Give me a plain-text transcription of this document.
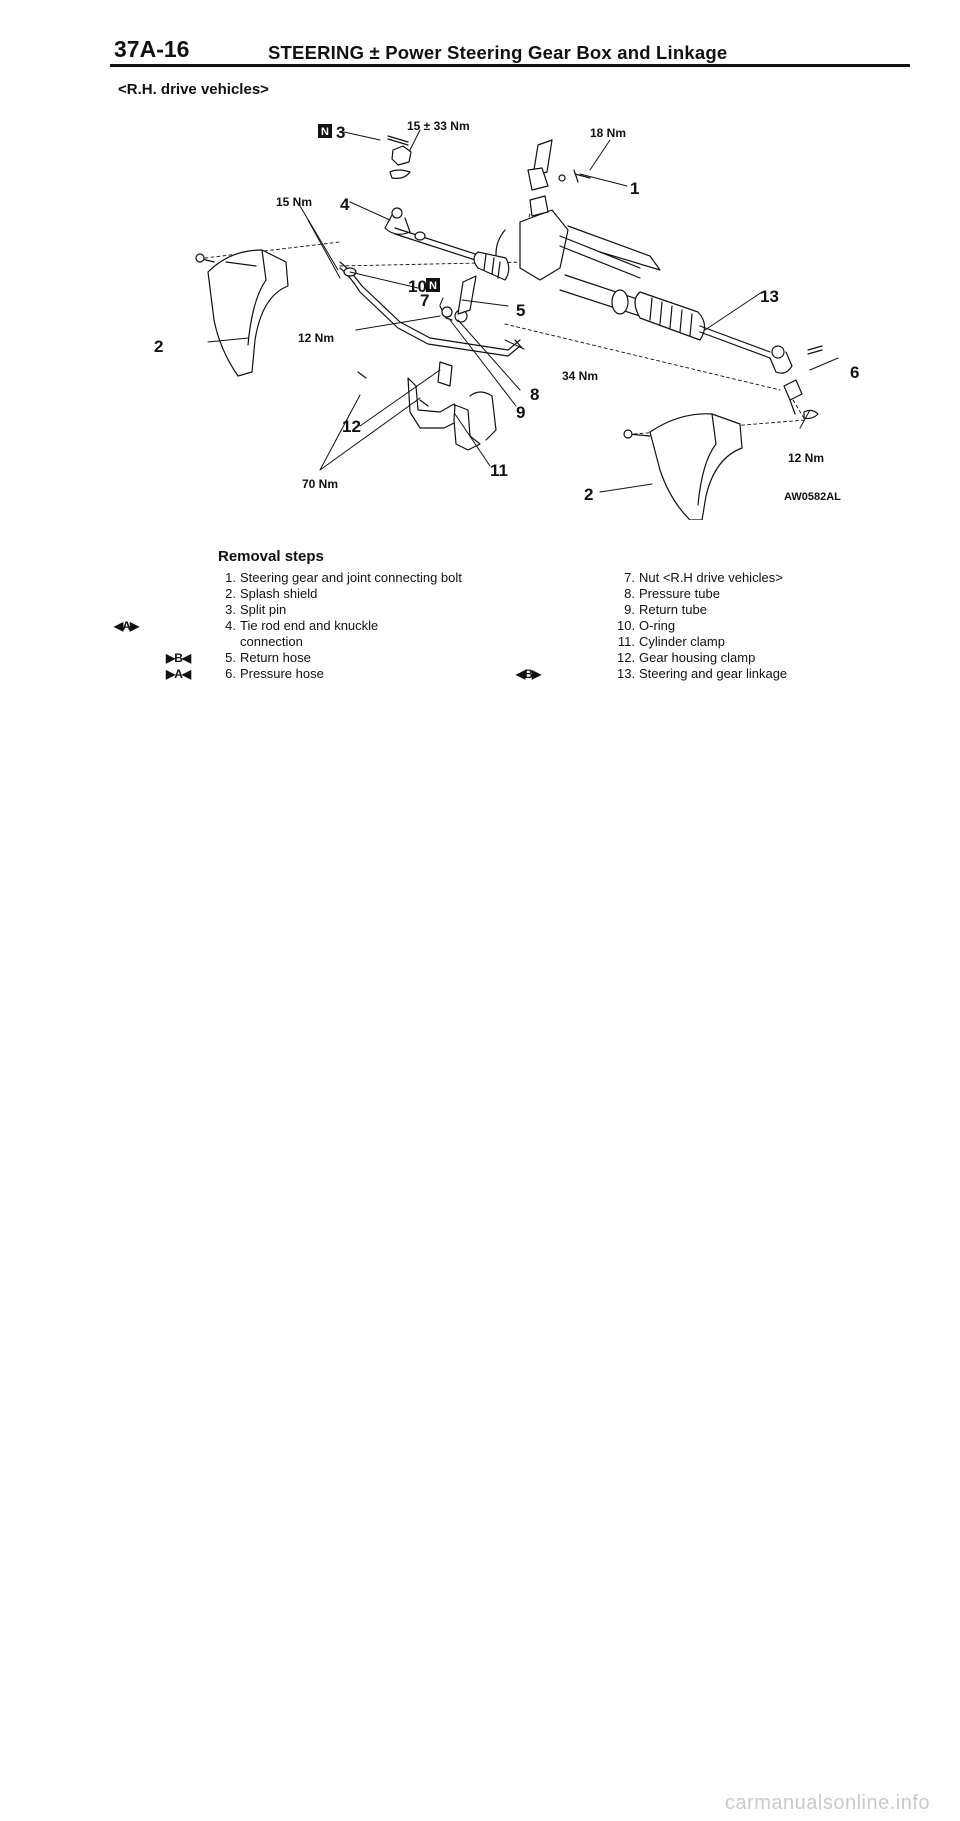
37A-16	STEERING ± Power Steering Gear Box and Linkage
<R.H. drive vehicles>
N
N
3
1
4
10
7
5
13
2
6
8
9
12
11
2
15 ± 33 Nm	18 Nm
15 Nm
12 Nm
34 Nm
12 Nm
70 Nm
AW0582AL
Removal steps
1. Steering gear and joint connecting bolt
2. Splash shield
3. Split pin
4. Tie rod end and knuckle
connection
5. Return hose
6. Pressure hose
◀A▶
▶B◀
▶A◀
7. Nut <R.H drive vehicles>
8. Pressure tube
9. Return tube
10. O-ring
11. Cylinder clamp
12. Gear housing clamp
13. Steering and gear linkage
◀B▶
carmanualsonline.info
